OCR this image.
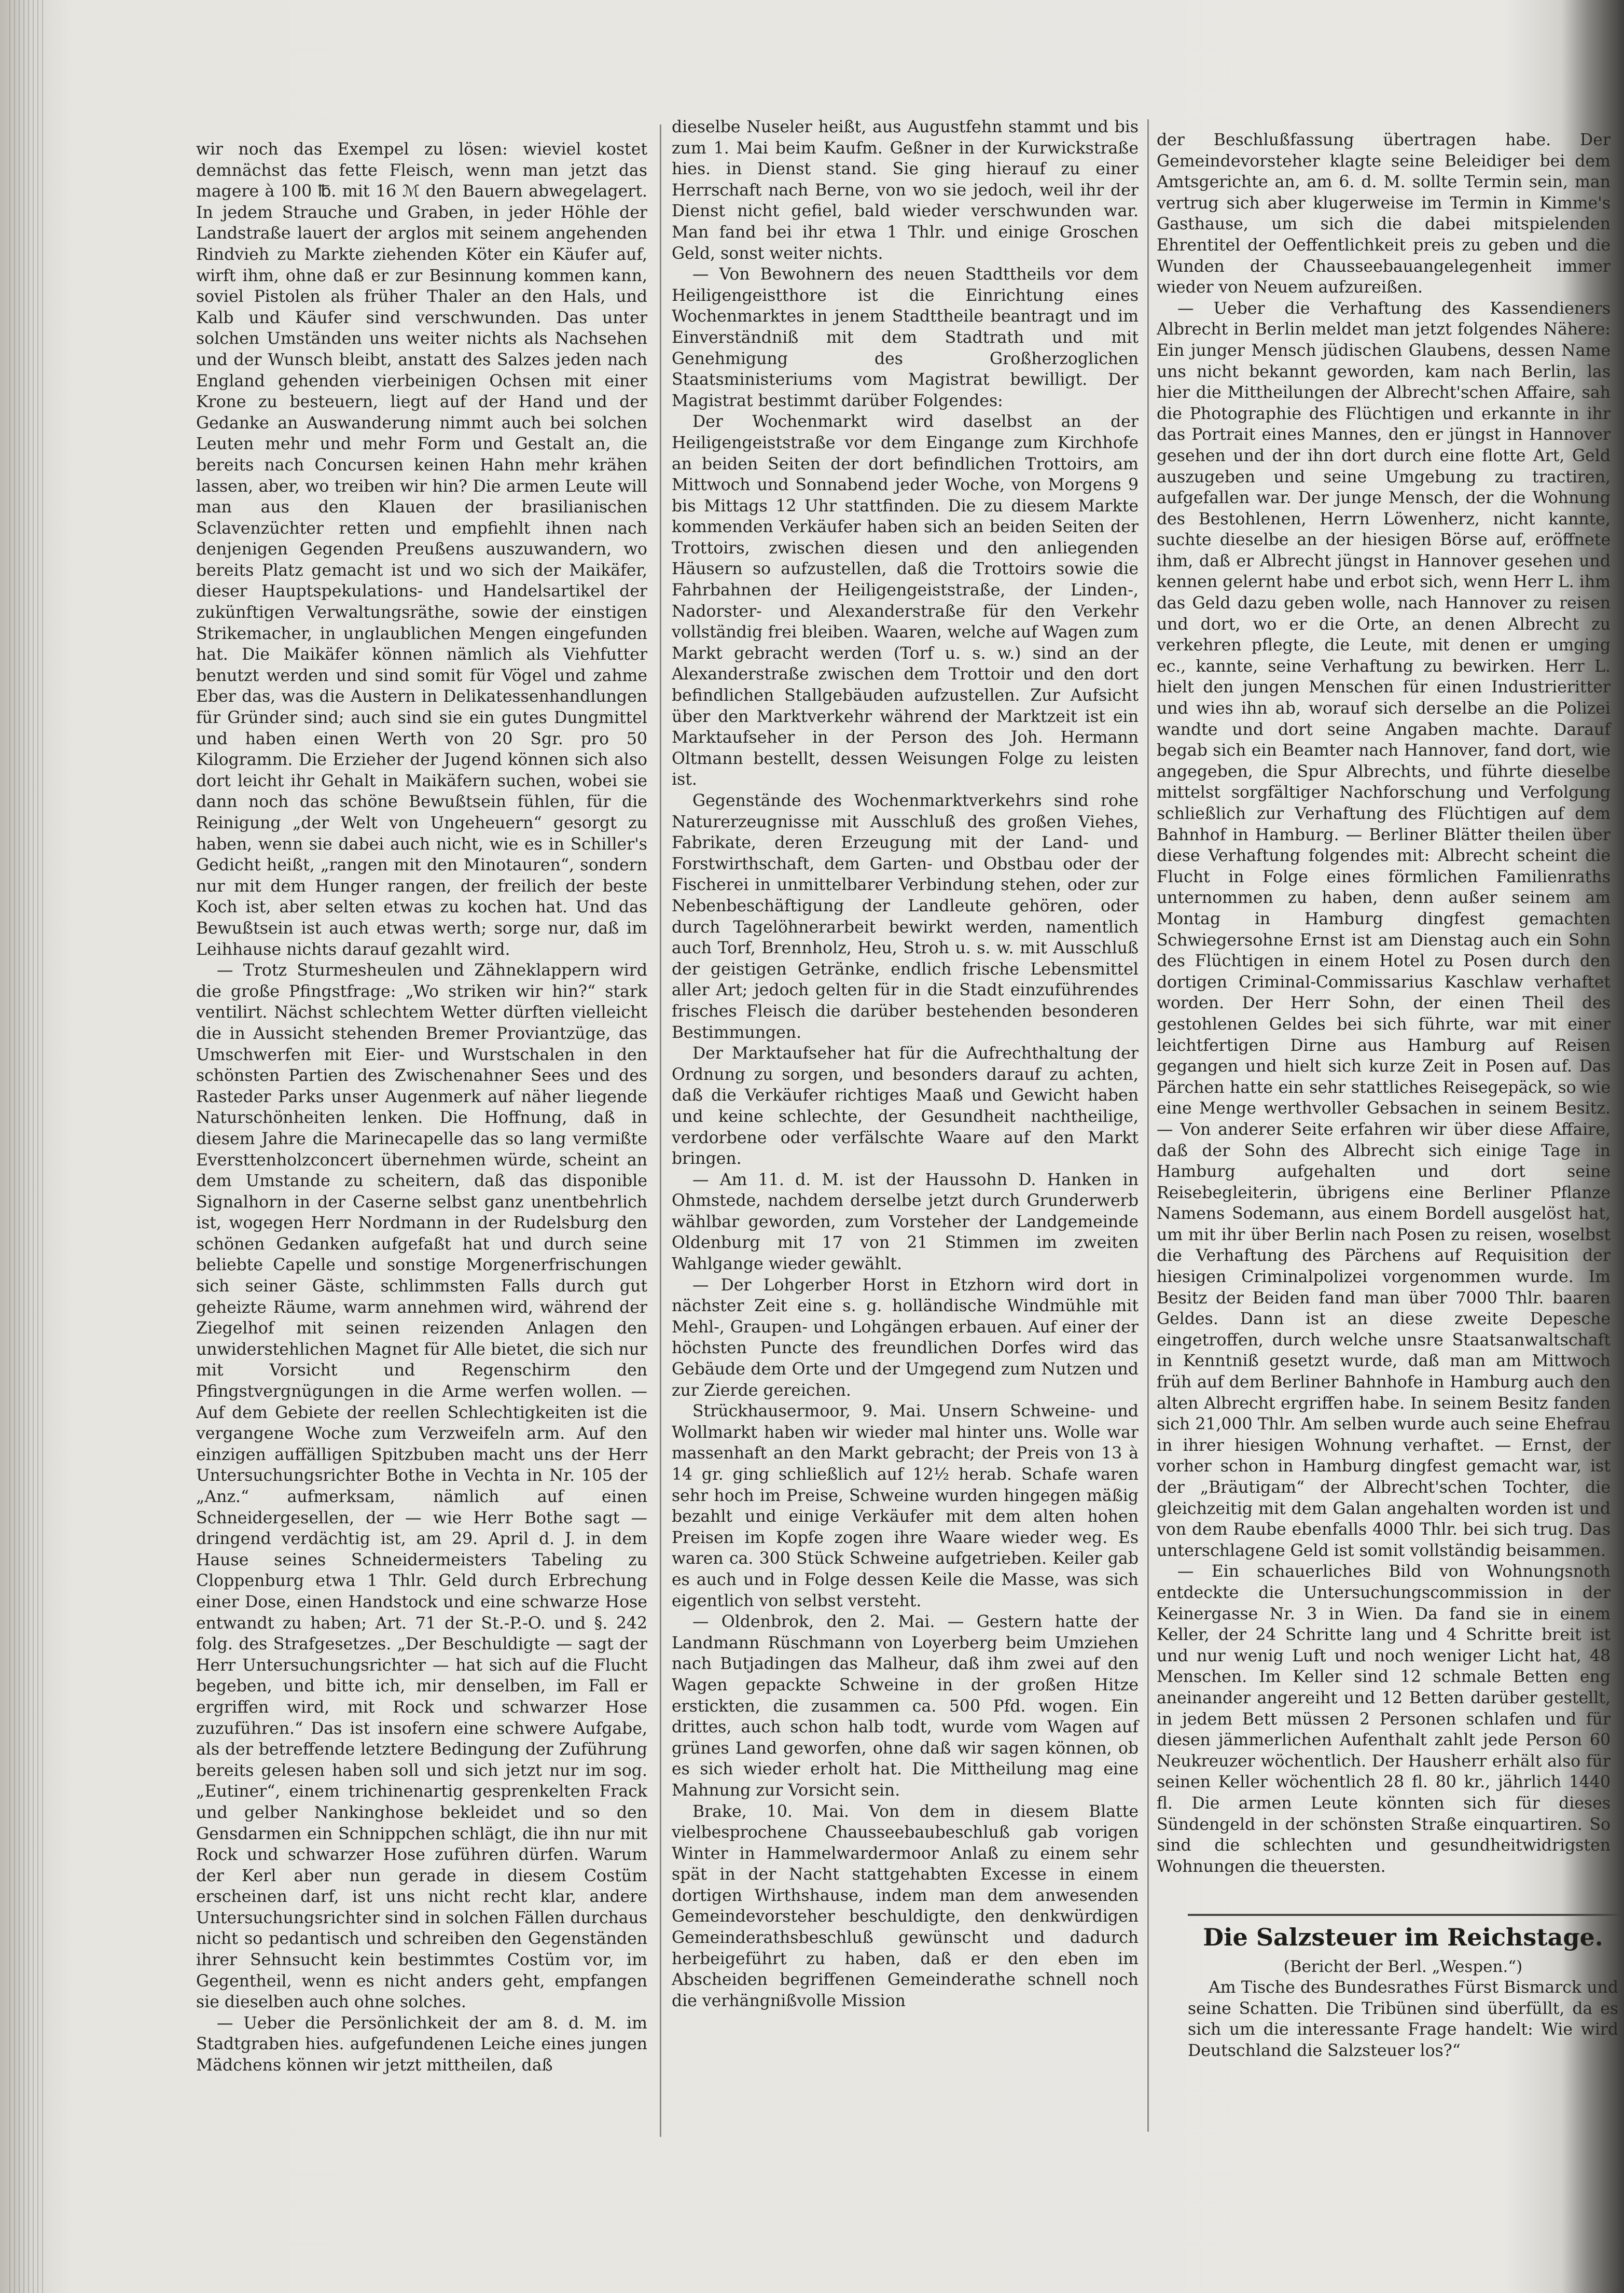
wir noch das Exempel zu lösen: wieviel kostet demnächst das fette Fleisch, wenn man jetzt das magere à 100 ℔. mit 16 ℳ den Bauern abwegelagert. In jedem Strauche und Graben, in jeder Höhle der Landstraße lauert der arglos mit seinem angehenden Rindvieh zu Markte ziehenden Köter ein Käufer auf, wirft ihm, ohne daß er zur Besinnung kommen kann, soviel Pistolen als früher Thaler an den Hals, und Kalb und Käufer sind verschwunden. Das unter solchen Umständen uns weiter nichts als Nachsehen und der Wunsch bleibt, anstatt des Salzes jeden nach England gehenden vierbeinigen Ochsen mit einer Krone zu besteuern, liegt auf der Hand und der Gedanke an Auswanderung nimmt auch bei solchen Leuten mehr und mehr Form und Gestalt an, die bereits nach Concursen keinen Hahn mehr krähen lassen, aber, wo treiben wir hin? Die armen Leute will man aus den Klauen der brasilianischen Sclavenzüchter retten und empfiehlt ihnen nach denjenigen Gegenden Preußens auszuwandern, wo bereits Platz gemacht ist und wo sich der Maikäfer, dieser Hauptspekulations- und Handelsartikel der zukünftigen Verwaltungsräthe, sowie der einstigen Strikemacher, in unglaublichen Mengen eingefunden hat. Die Maikäfer können nämlich als Viehfutter benutzt werden und sind somit für Vögel und zahme Eber das, was die Austern in Delikatessenhandlungen für Gründer sind; auch sind sie ein gutes Dungmittel und haben einen Werth von 20 Sgr. pro 50 Kilogramm. Die Erzieher der Jugend können sich also dort leicht ihr Gehalt in Maikäfern suchen, wobei sie dann noch das schöne Bewußtsein fühlen, für die Reinigung „der Welt von Ungeheuern“ gesorgt zu haben, wenn sie dabei auch nicht, wie es in Schiller's Gedicht heißt, „rangen mit den Minotauren“, sondern nur mit dem Hunger rangen, der freilich der beste Koch ist, aber selten etwas zu kochen hat. Und das Bewußtsein ist auch etwas werth; sorge nur, daß im Leihhause nichts darauf gezahlt wird.

— Trotz Sturmesheulen und Zähneklappern wird die große Pfingstfrage: „Wo striken wir hin?“ stark ventilirt. Nächst schlechtem Wetter dürften vielleicht die in Aussicht stehenden Bremer Proviantzüge, das Umschwerfen mit Eier- und Wurstschalen in den schönsten Partien des Zwischenahner Sees und des Rasteder Parks unser Augenmerk auf näher liegende Naturschönheiten lenken. Die Hoffnung, daß in diesem Jahre die Marinecapelle das so lang vermißte Eversttenholzconcert übernehmen würde, scheint an dem Umstande zu scheitern, daß das disponible Signalhorn in der Caserne selbst ganz unentbehrlich ist, wogegen Herr Nordmann in der Rudelsburg den schönen Gedanken aufgefaßt hat und durch seine beliebte Capelle und sonstige Morgenerfrischungen sich seiner Gäste, schlimmsten Falls durch gut geheizte Räume, warm annehmen wird, während der Ziegelhof mit seinen reizenden Anlagen den unwiderstehlichen Magnet für Alle bietet, die sich nur mit Vorsicht und Regenschirm den Pfingstvergnügungen in die Arme werfen wollen. — Auf dem Gebiete der reellen Schlechtigkeiten ist die vergangene Woche zum Verzweifeln arm. Auf den einzigen auffälligen Spitzbuben macht uns der Herr Untersuchungsrichter Bothe in Vechta in Nr. 105 der „Anz.“ aufmerksam, nämlich auf einen Schneidergesellen, der — wie Herr Bothe sagt — dringend verdächtig ist, am 29. April d. J. in dem Hause seines Schneidermeisters Tabeling zu Cloppenburg etwa 1 Thlr. Geld durch Erbrechung einer Dose, einen Handstock und eine schwarze Hose entwandt zu haben; Art. 71 der St.-P.-O. und §. 242 folg. des Strafgesetzes. „Der Beschuldigte — sagt der Herr Untersuchungsrichter — hat sich auf die Flucht begeben, und bitte ich, mir denselben, im Fall er ergriffen wird, mit Rock und schwarzer Hose zuzuführen.“ Das ist insofern eine schwere Aufgabe, als der betreffende letztere Bedingung der Zuführung bereits gelesen haben soll und sich jetzt nur im sog. „Eutiner“, einem trichinenartig gesprenkelten Frack und gelber Nankinghose bekleidet und so den Gensdarmen ein Schnippchen schlägt, die ihn nur mit Rock und schwarzer Hose zuführen dürfen. Warum der Kerl aber nun gerade in diesem Costüm erscheinen darf, ist uns nicht recht klar, andere Untersuchungsrichter sind in solchen Fällen durchaus nicht so pedantisch und schreiben den Gegenständen ihrer Sehnsucht kein bestimmtes Costüm vor, im Gegentheil, wenn es nicht anders geht, empfangen sie dieselben auch ohne solches.

— Ueber die Persönlichkeit der am 8. d. M. im Stadtgraben hies. aufgefundenen Leiche eines jungen Mädchens können wir jetzt mittheilen, daß

dieselbe Nuseler heißt, aus Augustfehn stammt und bis zum 1. Mai beim Kaufm. Geßner in der Kurwickstraße hies. in Dienst stand. Sie ging hierauf zu einer Herrschaft nach Berne, von wo sie jedoch, weil ihr der Dienst nicht gefiel, bald wieder verschwunden war. Man fand bei ihr etwa 1 Thlr. und einige Groschen Geld, sonst weiter nichts.

— Von Bewohnern des neuen Stadttheils vor dem Heiligengeistthore ist die Einrichtung eines Wochenmarktes in jenem Stadttheile beantragt und im Einverständniß mit dem Stadtrath und mit Genehmigung des Großherzoglichen Staatsministeriums vom Magistrat bewilligt. Der Magistrat bestimmt darüber Folgendes:

Der Wochenmarkt wird daselbst an der Heiligengeiststraße vor dem Eingange zum Kirchhofe an beiden Seiten der dort befindlichen Trottoirs, am Mittwoch und Sonnabend jeder Woche, von Morgens 9 bis Mittags 12 Uhr stattfinden. Die zu diesem Markte kommenden Verkäufer haben sich an beiden Seiten der Trottoirs, zwischen diesen und den anliegenden Häusern so aufzustellen, daß die Trottoirs sowie die Fahrbahnen der Heiligengeiststraße, der Linden-, Nadorster- und Alexanderstraße für den Verkehr vollständig frei bleiben. Waaren, welche auf Wagen zum Markt gebracht werden (Torf u. s. w.) sind an der Alexanderstraße zwischen dem Trottoir und den dort befindlichen Stallgebäuden aufzustellen. Zur Aufsicht über den Marktverkehr während der Marktzeit ist ein Marktaufseher in der Person des Joh. Hermann Oltmann bestellt, dessen Weisungen Folge zu leisten ist.

Gegenstände des Wochenmarktverkehrs sind rohe Naturerzeugnisse mit Ausschluß des großen Viehes, Fabrikate, deren Erzeugung mit der Land- und Forstwirthschaft, dem Garten- und Obstbau oder der Fischerei in unmittelbarer Verbindung stehen, oder zur Nebenbeschäftigung der Landleute gehören, oder durch Tagelöhnerarbeit bewirkt werden, namentlich auch Torf, Brennholz, Heu, Stroh u. s. w. mit Ausschluß der geistigen Getränke, endlich frische Lebensmittel aller Art; jedoch gelten für in die Stadt einzuführendes frisches Fleisch die darüber bestehenden besonderen Bestimmungen.

Der Marktaufseher hat für die Aufrechthaltung der Ordnung zu sorgen, und besonders darauf zu achten, daß die Verkäufer richtiges Maaß und Gewicht haben und keine schlechte, der Gesundheit nachtheilige, verdorbene oder verfälschte Waare auf den Markt bringen.

— Am 11. d. M. ist der Haussohn D. Hanken in Ohmstede, nachdem derselbe jetzt durch Grunderwerb wählbar geworden, zum Vorsteher der Landgemeinde Oldenburg mit 17 von 21 Stimmen im zweiten Wahlgange wieder gewählt.

— Der Lohgerber Horst in Etzhorn wird dort in nächster Zeit eine s. g. holländische Windmühle mit Mehl-, Graupen- und Lohgängen erbauen. Auf einer der höchsten Puncte des freundlichen Dorfes wird das Gebäude dem Orte und der Umgegend zum Nutzen und zur Zierde gereichen.

Strückhausermoor, 9. Mai. Unsern Schweine- und Wollmarkt haben wir wieder mal hinter uns. Wolle war massenhaft an den Markt gebracht; der Preis von 13 à 14 gr. ging schließlich auf 12½ herab. Schafe waren sehr hoch im Preise, Schweine wurden hingegen mäßig bezahlt und einige Verkäufer mit dem alten hohen Preisen im Kopfe zogen ihre Waare wieder weg. Es waren ca. 300 Stück Schweine aufgetrieben. Keiler gab es auch und in Folge dessen Keile die Masse, was sich eigentlich von selbst versteht.

— Oldenbrok, den 2. Mai. — Gestern hatte der Landmann Rüschmann von Loyerberg beim Umziehen nach Butjadingen das Malheur, daß ihm zwei auf den Wagen gepackte Schweine in der großen Hitze erstickten, die zusammen ca. 500 Pfd. wogen. Ein drittes, auch schon halb todt, wurde vom Wagen auf grünes Land geworfen, ohne daß wir sagen können, ob es sich wieder erholt hat. Die Mittheilung mag eine Mahnung zur Vorsicht sein.

Brake, 10. Mai. Von dem in diesem Blatte vielbesprochene Chausseebaubeschluß gab vorigen Winter in Hammelwardermoor Anlaß zu einem sehr spät in der Nacht stattgehabten Excesse in einem dortigen Wirthshause, indem man dem anwesenden Gemeindevorsteher beschuldigte, den denkwürdigen Gemeinderathsbeschluß gewünscht und dadurch herbeigeführt zu haben, daß er den eben im Abscheiden begriffenen Gemeinderathe schnell noch die verhängnißvolle Mission

der Beschlußfassung übertragen habe. Der Gemeindevorsteher klagte seine Beleidiger bei dem Amtsgerichte an, am 6. d. M. sollte Termin sein, man vertrug sich aber klugerweise im Termin in Kimme's Gasthause, um sich die dabei mitspielenden Ehrentitel der Oeffentlichkeit preis zu geben und die Wunden der Chausseebauangelegenheit immer wieder von Neuem aufzureißen.

— Ueber die Verhaftung des Kassendieners Albrecht in Berlin meldet man jetzt folgendes Nähere: Ein junger Mensch jüdischen Glaubens, dessen Name uns nicht bekannt geworden, kam nach Berlin, las hier die Mittheilungen der Albrecht'schen Affaire, sah die Photographie des Flüchtigen und erkannte in ihr das Portrait eines Mannes, den er jüngst in Hannover gesehen und der ihn dort durch eine flotte Art, Geld auszugeben und seine Umgebung zu tractiren, aufgefallen war. Der junge Mensch, der die Wohnung des Bestohlenen, Herrn Löwenherz, nicht kannte, suchte dieselbe an der hiesigen Börse auf, eröffnete ihm, daß er Albrecht jüngst in Hannover gesehen und kennen gelernt habe und erbot sich, wenn Herr L. ihm das Geld dazu geben wolle, nach Hannover zu reisen und dort, wo er die Orte, an denen Albrecht zu verkehren pflegte, die Leute, mit denen er umging ec., kannte, seine Verhaftung zu bewirken. Herr L. hielt den jungen Menschen für einen Industrieritter und wies ihn ab, worauf sich derselbe an die Polizei wandte und dort seine Angaben machte. Darauf begab sich ein Beamter nach Hannover, fand dort, wie angegeben, die Spur Albrechts, und führte dieselbe mittelst sorgfältiger Nachforschung und Verfolgung schließlich zur Verhaftung des Flüchtigen auf dem Bahnhof in Hamburg. — Berliner Blätter theilen über diese Verhaftung folgendes mit: Albrecht scheint die Flucht in Folge eines förmlichen Familienraths unternommen zu haben, denn außer seinem am Montag in Hamburg dingfest gemachten Schwiegersohne Ernst ist am Dienstag auch ein Sohn des Flüchtigen in einem Hotel zu Posen durch den dortigen Criminal-Commissarius Kaschlaw verhaftet worden. Der Herr Sohn, der einen Theil des gestohlenen Geldes bei sich führte, war mit einer leichtfertigen Dirne aus Hamburg auf Reisen gegangen und hielt sich kurze Zeit in Posen auf. Das Pärchen hatte ein sehr stattliches Reisegepäck, so wie eine Menge werthvoller Gebsachen in seinem Besitz. — Von anderer Seite erfahren wir über diese Affaire, daß der Sohn des Albrecht sich einige Tage in Hamburg aufgehalten und dort seine Reisebegleiterin, übrigens eine Berliner Pflanze Namens Sodemann, aus einem Bordell ausgelöst hat, um mit ihr über Berlin nach Posen zu reisen, woselbst die Verhaftung des Pärchens auf Requisition der hiesigen Criminalpolizei vorgenommen wurde. Im Besitz der Beiden fand man über 7000 Thlr. baaren Geldes. Dann ist an diese zweite Depesche eingetroffen, durch welche unsre Staatsanwaltschaft in Kenntniß gesetzt wurde, daß man am Mittwoch früh auf dem Berliner Bahnhofe in Hamburg auch den alten Albrecht ergriffen habe. In seinem Besitz fanden sich 21,000 Thlr. Am selben wurde auch seine Ehefrau in ihrer hiesigen Wohnung verhaftet. — Ernst, der vorher schon in Hamburg dingfest gemacht war, ist der „Bräutigam“ der Albrecht'schen Tochter, die gleichzeitig mit dem Galan angehalten worden ist und von dem Raube ebenfalls 4000 Thlr. bei sich trug. Das unterschlagene Geld ist somit vollständig beisammen.

— Ein schauerliches Bild von Wohnungsnoth entdeckte die Untersuchungscommission in der Keinergasse Nr. 3 in Wien. Da fand sie in einem Keller, der 24 Schritte lang und 4 Schritte breit ist und nur wenig Luft und noch weniger Licht hat, 48 Menschen. Im Keller sind 12 schmale Betten eng aneinander angereiht und 12 Betten darüber gestellt, in jedem Bett müssen 2 Personen schlafen und für diesen jämmerlichen Aufenthalt zahlt jede Person 60 Neukreuzer wöchentlich. Der Hausherr erhält also für seinen Keller wöchentlich 28 fl. 80 kr., jährlich 1440 fl. Die armen Leute könnten sich für dieses Sündengeld in der schönsten Straße einquartiren. So sind die schlechten und gesundheitwidrigsten Wohnungen die theuersten.

Die Salzsteuer im Reichstage.
(Bericht der Berl. „Wespen.“)
Am Tische des Bundesrathes Fürst Bismarck und seine Schatten. Die Tribünen sind überfüllt, da es sich um die interessante Frage handelt: Wie wird Deutschland die Salzsteuer los?“
